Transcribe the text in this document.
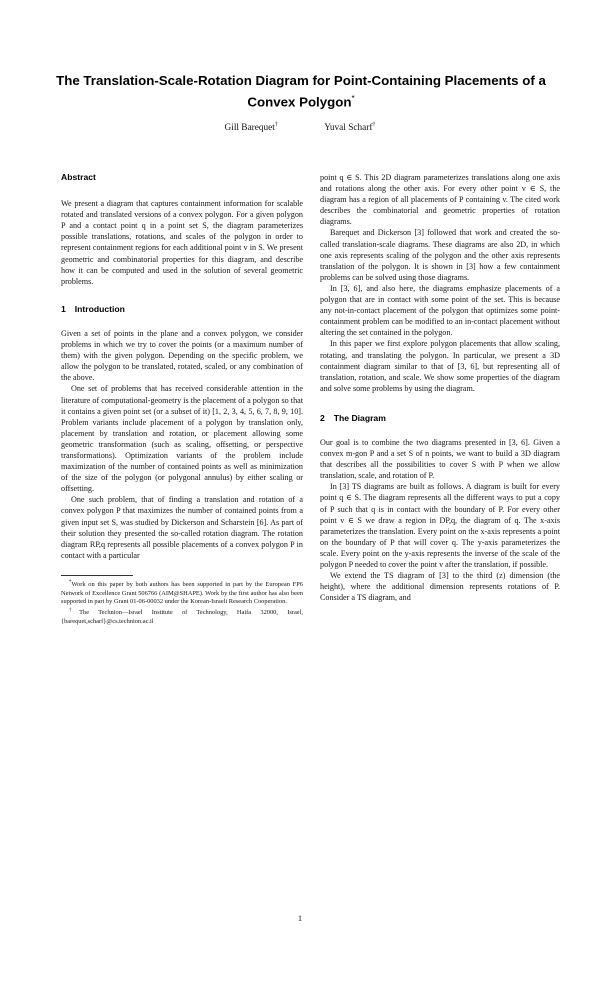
The Translation-Scale-Rotation Diagram for Point-Containing Placements of a Convex Polygon*
Gill Barequet†	Yuval Scharf†
Abstract

We present a diagram that captures containment information for scalable rotated and translated versions of a convex polygon. For a given polygon P and a contact point q in a point set S, the diagram parameterizes possible translations, rotations, and scales of the polygon in order to represent containment regions for each additional point v in S. We present geometric and combinatorial properties for this diagram, and describe how it can be computed and used in the solution of several geometric problems.

1 Introduction

Given a set of points in the plane and a convex polygon, we consider problems in which we try to cover the points (or a maximum number of them) with the given polygon. Depending on the specific problem, we allow the polygon to be translated, rotated, scaled, or any combination of the above.

One set of problems that has received considerable attention in the literature of computational-geometry is the placement of a polygon so that it contains a given point set (or a subset of it) [1, 2, 3, 4, 5, 6, 7, 8, 9, 10]. Problem variants include placement of a polygon by translation only, placement by translation and rotation, or placement allowing some geometric transformation (such as scaling, offsetting, or perspective transformations). Optimization variants of the problem include maximization of the number of contained points as well as minimization of the size of the polygon (or polygonal annulus) by either scaling or offsetting.

One such problem, that of finding a translation and rotation of a convex polygon P that maximizes the number of contained points from a given input set S, was studied by Dickerson and Scharstein [6]. As part of their solution they presented the so-called rotation diagram. The rotation diagram RP,q represents all possible placements of a convex polygon P in contact with a particular

*Work on this paper by both authors has been supported in part by the European FP6 Network of Excellence Grant 506766 (AIM@SHAPE). Work by the first author has also been supported in part by Grant 01-06-00032 under the Korean-Israeli Research Cooperation.

†The Technion—Israel Institute of Technology, Haifa 32000, Israel, {barequet,scharf}@cs.technion.ac.il

point q ∈ S. This 2D diagram parameterizes translations along one axis and rotations along the other axis. For every other point v ∈ S, the diagram has a region of all placements of P containing v. The cited work describes the combinatorial and geometric properties of rotation diagrams.

Barequet and Dickerson [3] followed that work and created the so-called translation-scale diagrams. These diagrams are also 2D, in which one axis represents scaling of the polygon and the other axis represents translation of the polygon. It is shown in [3] how a few containment problems can be solved using those diagrams.

In [3, 6], and also here, the diagrams emphasize placements of a polygon that are in contact with some point of the set. This is because any not-in-contact placement of the polygon that optimizes some point-containment problem can be modified to an in-contact placement without altering the set contained in the polygon.

In this paper we first explore polygon placements that allow scaling, rotating, and translating the polygon. In particular, we present a 3D containment diagram similar to that of [3, 6], but representing all of translation, rotation, and scale. We show some properties of the diagram and solve some problems by using the diagram.

2 The Diagram

Our goal is to combine the two diagrams presented in [3, 6]. Given a convex m-gon P and a set S of n points, we want to build a 3D diagram that describes all the possibilities to cover S with P when we allow translation, scale, and rotation of P.

In [3] TS diagrams are built as follows. A diagram is built for every point q ∈ S. The diagram represents all the different ways to put a copy of P such that q is in contact with the boundary of P. For every other point v ∈ S we draw a region in DP,q, the diagram of q. The x-axis parameterizes the translation. Every point on the x-axis represents a point on the boundary of P that will cover q. The y-axis parameterizes the scale. Every point on the y-axis represents the inverse of the scale of the polygon P needed to cover the point v after the translation, if possible.

We extend the TS diagram of [3] to the third (z) dimension (the height), where the additional dimension represents rotations of P. Consider a TS diagram, and

1
